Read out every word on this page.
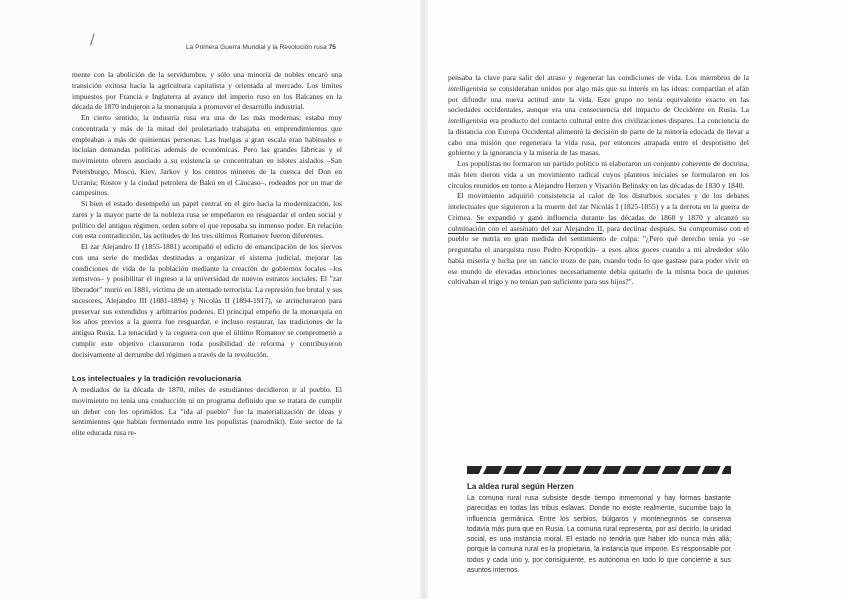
/	La Primera Guerra Mundial y la Revolución rusa 75

mente con la abolición de la servidumbre, y sólo una minoría de nobles encaró una transición exitosa hacia la agricultura capitalista y orientada al mercado. Los límites impuestos por Francia e Inglaterra al avance del imperio ruso en los Balcanes en la década de 1870 indujeron a la monarquía a promover el desarrollo industrial.

En cierto sentido, la industria rusa era una de las más modernas: estaba muy concentrada y más de la mitad del proletariado trabajaba en emprendimientos que empleaban a más de quinientas personas. Las huelgas a gran escala eran habituales e incluían demandas políticas además de económicas. Pero las grandes fábricas y el movimiento obrero asociado a su existencia se concentraban en islotes aislados –San Petersburgo, Moscú, Kiev, Jarkov y los centros mineros de la cuenca del Don en Ucrania; Rostov y la ciudad petrolera de Bakú en el Cáucaso–, rodeados por un mar de campesinos.

Si bien el estado desempeñó un papel central en el giro hacia la modernización, los zares y la mayor parte de la nobleza rusa se empeñaron en resguardar el orden social y político del antiguo régimen, orden sobre el que reposaba su inmenso poder. En relación con esta contradicción, las actitudes de los tres últimos Romanov fueron diferentes.

El zar Alejandro II (1855-1881) acompañó el edicto de emancipación de los siervos con una serie de medidas destinadas a organizar el sistema judicial, mejorar las condiciones de vida de la población mediante la creación de gobiernos locales –los zemstvos– y posibilitar el ingreso a la universidad de nuevos estratos sociales. El "zar liberador" murió en 1881, víctima de un atentado terrorista. La represión fue brutal y sus sucesores, Alejandro III (1881-1894) y Nicolás II (1894-1917), se atrincheraron para preservar sus extendidos y arbitrarios poderes. El principal empeño de la monarquía en los años previos a la guerra fue resguardar, e incluso restaurar, las tradiciones de la antigua Rusia. La tenacidad y la ceguera con que el último Romanov se comprometió a cumplir este objetivo clausuraron toda posibilidad de reforma y contribuyeron decisivamente al derrumbe del régimen a través de la revolución.

Los intelectuales y la tradición revolucionaria

A mediados de la década de 1870, miles de estudiantes decidieron ir al pueblo. El movimiento no tenía una conducción ni un programa definido que se tratara de cumplir un deber con los oprimidos. La "ida al pueblo" fue la materialización de ideas y sentimientos que habían fermentado entre los populistas (narodniki). Este sector de la elite educada rusa re-

pensaba la clave para salir del atraso y regenerar las condiciones de vida. Los miembros de la intelligentsia se consideraban unidos por algo más que su interés en las ideas: compartían el afán por difundir una nueva actitud ante la vida. Este grupo no tenía equivalente exacto en las sociedades occidentales, aunque era una consecuencia del impacto de Occidente en Rusia. La intelligentsia era producto del contacto cultural entre dos civilizaciones dispares. La conciencia de la distancia con Europa Occidental alimentó la decisión de parte de la minoría educada de llevar a cabo una misión que regenerara la vida rusa, por entonces atrapada entre el despotismo del gobierno y la ignorancia y la miseria de las masas.

Los populistas no formaron un partido político ni elaboraron un conjunto coherente de doctrina, más bien dieron vida a un movimiento radical cuyos planteos iniciales se formularon en los círculos reunidos en torno a Alejandro Herzen y Visarión Belinsky en las décadas de 1830 y 1840.

El movimiento adquirió consistencia al calor de los disturbios sociales y de los debates intelectuales que siguieron a la muerte del zar Nicolás I (1825-1855) y a la derrota en la guerra de Crimea. Se expandió y ganó influencia durante las décadas de 1860 y 1870 y alcanzó su culminación con el asesinato del zar Alejandro II, para declinar después. Su compromiso con el pueblo se nutría en gran medida del sentimiento de culpa: "¿Pero qué derecho tenía yo –se preguntaba el anarquista ruso Pedro Kropotkin– a esos altos goces cuando a mi alrededor sólo había miseria y lucha por un rancio trozo de pan, cuando todo lo que gastase para poder vivir en ese mundo de elevadas emociones necesariamente debía quitarlo de la misma boca de quienes cultivaban el trigo y no tenían pan suficiente para sus hijos?".

La aldea rural según Herzen

La comuna rural rusa subsiste desde tiempo inmemorial y hay formas bastante parecidas en todas las tribus eslavas. Donde no existe realmente, sucumbe bajo la influencia germánica. Entre los serbios, búlgaros y montenegrinos se conserva todavía más pura que en Rusia. La comuna rural representa, por así decirlo, la unidad social, es una instancia moral. El estado no tendría que haber ido nunca más allá; porque la comuna rural es la propietaria, la instancia que impone. Es responsable por todos y cada uno y, por consiguiente, es autónoma en todo lo que concierne a sus asuntos internos.
